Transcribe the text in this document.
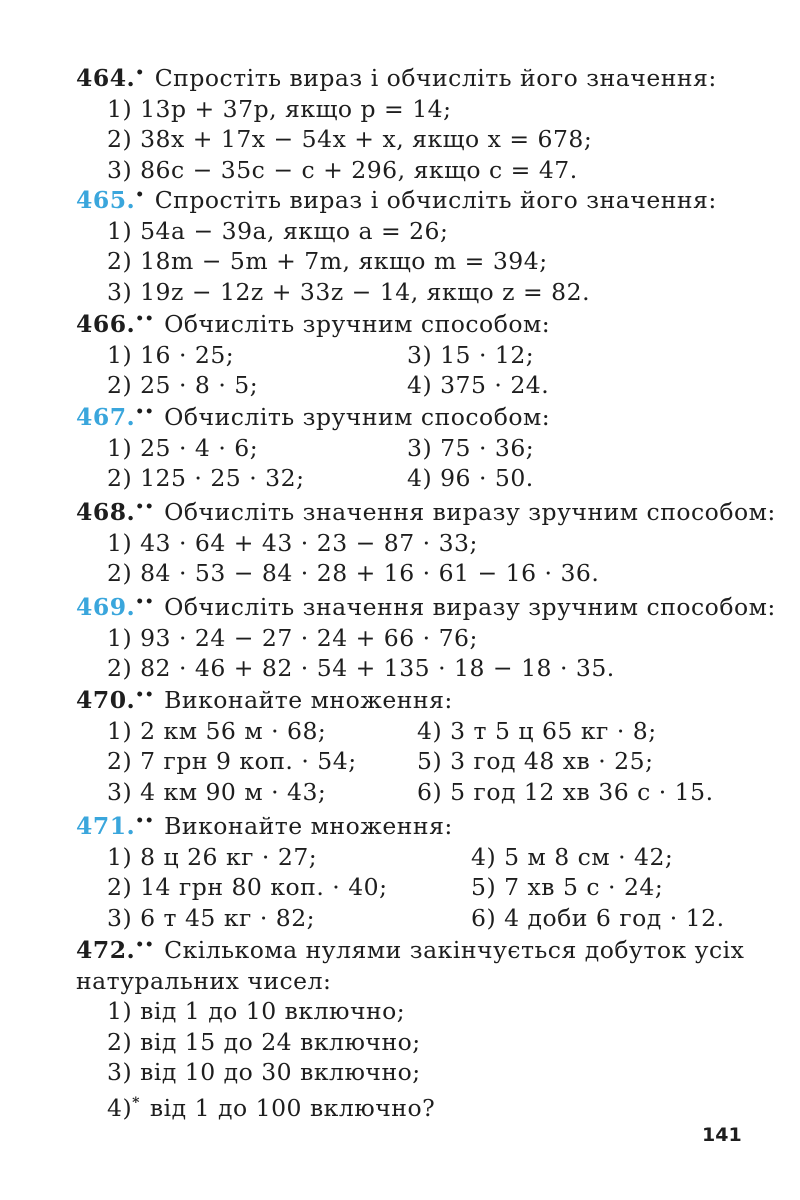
464.• Спростіть вираз і обчисліть його значення:
1) 13p + 37p, якщо p = 14;
2) 38x + 17x − 54x + x, якщо x = 678;
3) 86c − 35c − c + 296, якщо c = 47.
465.• Спростіть вираз і обчисліть його значення:
1) 54a − 39a, якщо a = 26;
2) 18m − 5m + 7m, якщо m = 394;
3) 19z − 12z + 33z − 14, якщо z = 82.
466.•• Обчисліть зручним способом:
1) 16 · 25;	3) 15 · 12;
2) 25 · 8 · 5;	4) 375 · 24.
467.•• Обчисліть зручним способом:
1) 25 · 4 · 6;	3) 75 · 36;
2) 125 · 25 · 32;	4) 96 · 50.
468.•• Обчисліть значення виразу зручним способом:
1) 43 · 64 + 43 · 23 − 87 · 33;
2) 84 · 53 − 84 · 28 + 16 · 61 − 16 · 36.
469.•• Обчисліть значення виразу зручним способом:
1) 93 · 24 − 27 · 24 + 66 · 76;
2) 82 · 46 + 82 · 54 + 135 · 18 − 18 · 35.
470.•• Виконайте множення:
1) 2 км 56 м · 68;	4) 3 т 5 ц 65 кг · 8;
2) 7 грн 9 коп. · 54;	5) 3 год 48 хв · 25;
3) 4 км 90 м · 43;	6) 5 год 12 хв 36 с · 15.
471.•• Виконайте множення:
1) 8 ц 26 кг · 27;	4) 5 м 8 см · 42;
2) 14 грн 80 коп. · 40;	5) 7 хв 5 с · 24;
3) 6 т 45 кг · 82;	6) 4 доби 6 год · 12.
472.•• Скількома нулями закінчується добуток усіх
натуральних чисел:
1) від 1 до 10 включно;
2) від 15 до 24 включно;
3) від 10 до 30 включно;
4)* від 1 до 100 включно?
141
